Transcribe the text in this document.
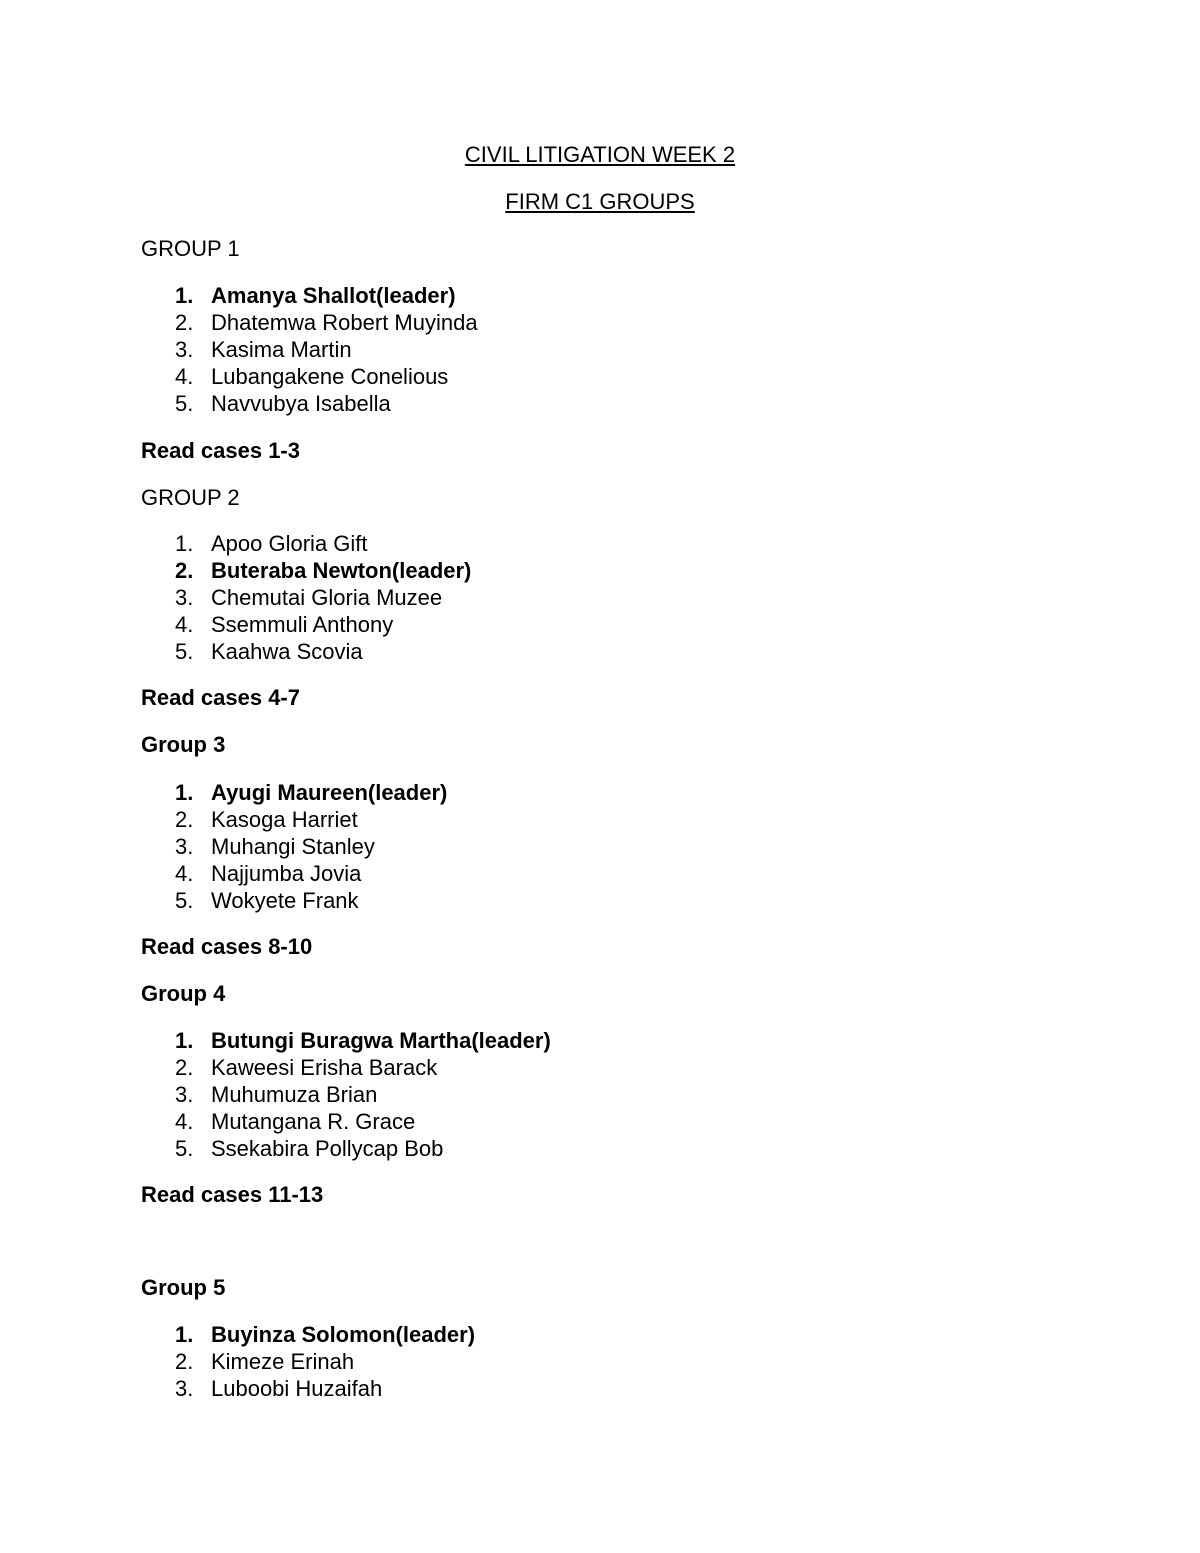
CIVIL LITIGATION WEEK 2
FIRM C1 GROUPS
GROUP 1
1. Amanya Shallot(leader)
2. Dhatemwa Robert Muyinda
3. Kasima Martin
4. Lubangakene Conelious
5. Navvubya Isabella
Read cases 1-3
GROUP 2
1. Apoo Gloria Gift
2. Buteraba Newton(leader)
3. Chemutai Gloria Muzee
4. Ssemmuli Anthony
5. Kaahwa Scovia
Read cases 4-7
Group 3
1. Ayugi Maureen(leader)
2. Kasoga Harriet
3. Muhangi Stanley
4. Najjumba Jovia
5. Wokyete Frank
Read cases 8-10
Group 4
1. Butungi Buragwa Martha(leader)
2. Kaweesi Erisha Barack
3. Muhumuza Brian
4. Mutangana R. Grace
5. Ssekabira Pollycap Bob
Read cases 11-13
Group 5
1. Buyinza Solomon(leader)
2. Kimeze Erinah
3. Luboobi Huzaifah
